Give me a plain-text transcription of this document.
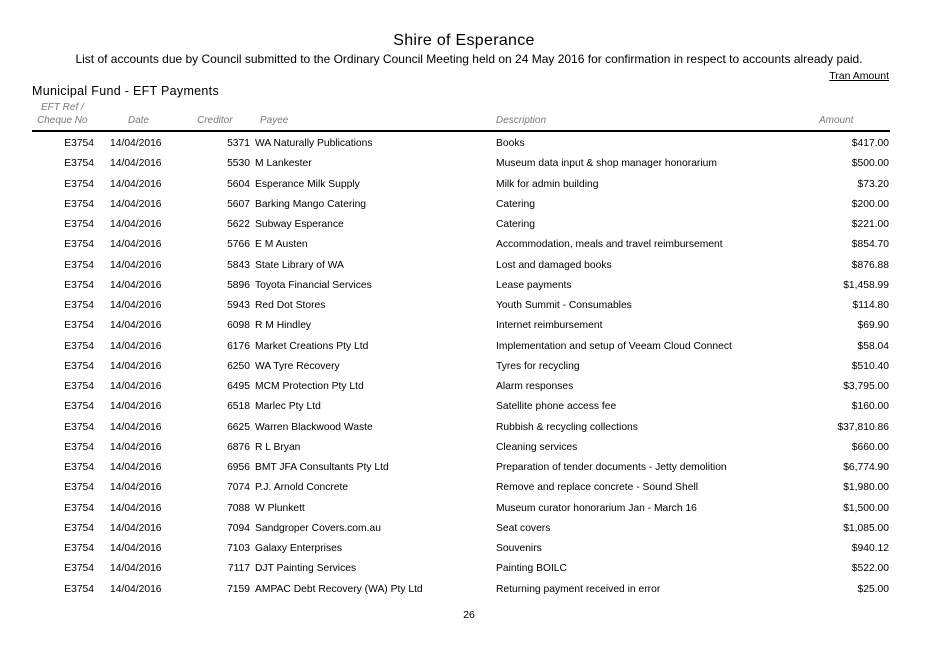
Shire of Esperance
List of accounts due by Council submitted to the Ordinary Council Meeting held on 24 May 2016 for confirmation in respect to accounts already paid.
Tran Amount
Municipal Fund - EFT Payments
EFT Ref /
Cheque No	Date	Creditor	Payee	Description	Amount
E3754 14/04/2016	5371 WA Naturally Publications	Books	$417.00
E3754 14/04/2016	5530 M Lankester	Museum data input & shop manager honorarium	$500.00
E3754 14/04/2016	5604 Esperance Milk Supply	Milk for admin building	$73.20
E3754 14/04/2016	5607 Barking Mango Catering	Catering	$200.00
E3754 14/04/2016	5622 Subway Esperance	Catering	$221.00
E3754 14/04/2016	5766 E M Austen	Accommodation, meals and travel reimbursement	$854.70
E3754 14/04/2016	5843 State Library of WA	Lost and damaged books	$876.88
E3754 14/04/2016	5896 Toyota Financial Services	Lease payments	$1,458.99
E3754 14/04/2016	5943 Red Dot Stores	Youth Summit - Consumables	$114.80
E3754 14/04/2016	6098 R M Hindley	Internet reimbursement	$69.90
E3754 14/04/2016	6176 Market Creations Pty Ltd	Implementation and setup of Veeam Cloud Connect	$58.04
E3754 14/04/2016	6250 WA Tyre Recovery	Tyres for recycling	$510.40
E3754 14/04/2016	6495 MCM Protection Pty Ltd	Alarm responses	$3,795.00
E3754 14/04/2016	6518 Marlec Pty Ltd	Satellite phone access fee	$160.00
E3754 14/04/2016	6625 Warren Blackwood Waste	Rubbish & recycling collections	$37,810.86
E3754 14/04/2016	6876 R L Bryan	Cleaning services	$660.00
E3754 14/04/2016	6956 BMT JFA Consultants Pty Ltd	Preparation of tender documents - Jetty demolition	$6,774.90
E3754 14/04/2016	7074 P.J. Arnold Concrete	Remove and replace concrete - Sound Shell	$1,980.00
E3754 14/04/2016	7088 W Plunkett	Museum curator honorarium Jan - March 16	$1,500.00
E3754 14/04/2016	7094 Sandgroper Covers.com.au	Seat covers	$1,085.00
E3754 14/04/2016	7103 Galaxy Enterprises	Souvenirs	$940.12
E3754 14/04/2016	7117 DJT Painting Services	Painting BOILC	$522.00
E3754 14/04/2016	7159 AMPAC Debt Recovery (WA) Pty Ltd	Returning payment received in error	$25.00
26
